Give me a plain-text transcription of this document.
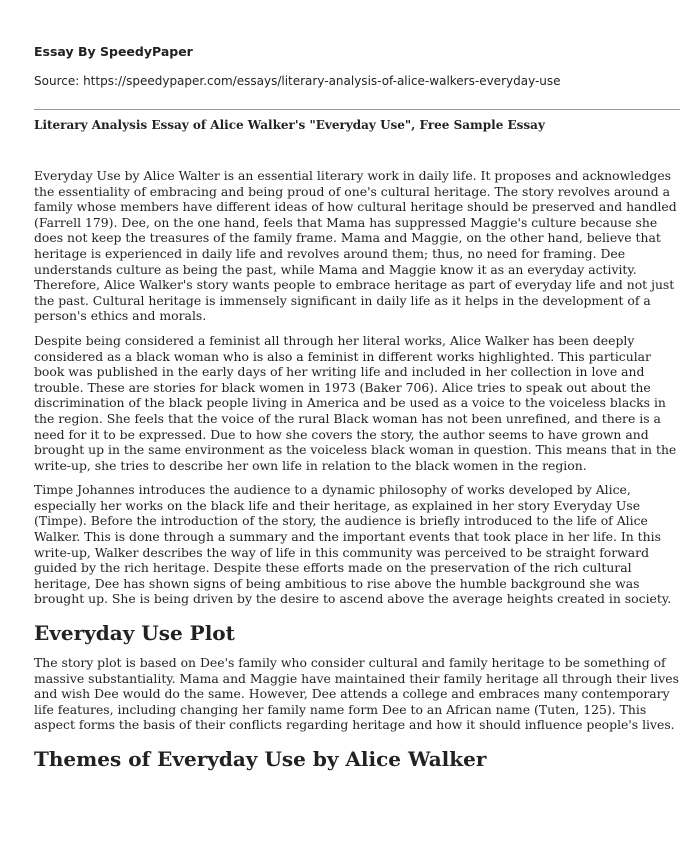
Essay By SpeedyPaper
Source: https://speedypaper.com/essays/literary-analysis-of-alice-walkers-everyday-use
Literary Analysis Essay of Alice Walker's "Everyday Use", Free Sample Essay

Everyday Use by Alice Walter is an essential literary work in daily life. It proposes and acknowledges the essentiality of embracing and being proud of one's cultural heritage. The story revolves around a family whose members have different ideas of how cultural heritage should be preserved and handled (Farrell 179). Dee, on the one hand, feels that Mama has suppressed Maggie's culture because she does not keep the treasures of the family frame. Mama and Maggie, on the other hand, believe that heritage is experienced in daily life and revolves around them; thus, no need for framing. Dee understands culture as being the past, while Mama and Maggie know it as an everyday activity. Therefore, Alice Walker's story wants people to embrace heritage as part of everyday life and not just the past. Cultural heritage is immensely significant in daily life as it helps in the development of a person's ethics and morals.

Despite being considered a feminist all through her literal works, Alice Walker has been deeply considered as a black woman who is also a feminist in different works highlighted. This particular book was published in the early days of her writing life and included in her collection in love and trouble. These are stories for black women in 1973 (Baker 706). Alice tries to speak out about the discrimination of the black people living in America and be used as a voice to the voiceless blacks in the region. She feels that the voice of the rural Black woman has not been unrefined, and there is a need for it to be expressed. Due to how she covers the story, the author seems to have grown and brought up in the same environment as the voiceless black woman in question. This means that in the write-up, she tries to describe her own life in relation to the black women in the region.

Timpe Johannes introduces the audience to a dynamic philosophy of works developed by Alice, especially her works on the black life and their heritage, as explained in her story Everyday Use (Timpe). Before the introduction of the story, the audience is briefly introduced to the life of Alice Walker. This is done through a summary and the important events that took place in her life. In this write-up, Walker describes the way of life in this community was perceived to be straight forward guided by the rich heritage. Despite these efforts made on the preservation of the rich cultural heritage, Dee has shown signs of being ambitious to rise above the humble background she was brought up. She is being driven by the desire to ascend above the average heights created in society.

Everyday Use Plot

The story plot is based on Dee's family who consider cultural and family heritage to be something of massive substantiality. Mama and Maggie have maintained their family heritage all through their lives and wish Dee would do the same. However, Dee attends a college and embraces many contemporary life features, including changing her family name form Dee to an African name (Tuten, 125). This aspect forms the basis of their conflicts regarding heritage and how it should influence people's lives.

Themes of Everyday Use by Alice Walker
